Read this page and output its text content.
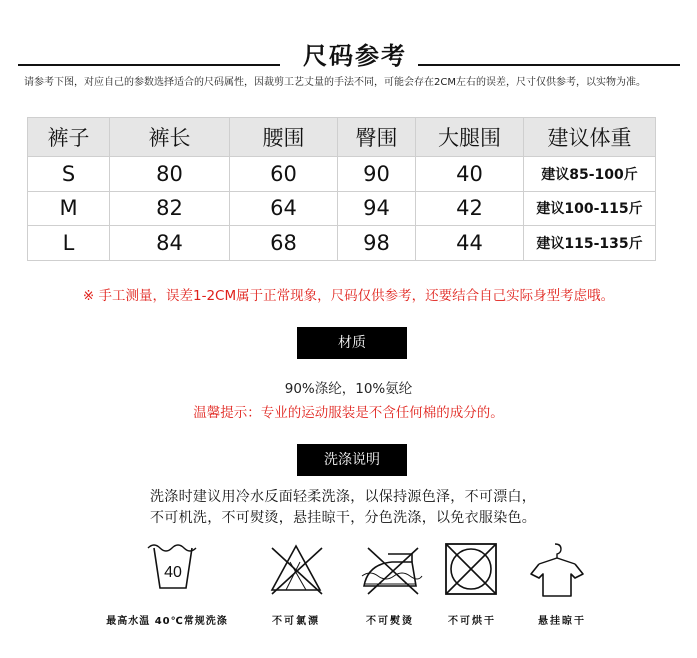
尺码参考
请参考下图，对应自己的参数选择适合的尺码属性，因裁剪工艺丈量的手法不同，可能会存在2CM左右的误差，尺寸仅供参考，以实物为准。
裤子	裤长	腰围	臀围	大腿围	建议体重
S	80	60	90	40	建议85-100斤
M	82	64	94	42	建议100-115斤
L	84	68	98	44	建议115-135斤
※ 手工测量，误差1-2CM属于正常现象，尺码仅供参考，还要结合自己实际身型考虑哦。
材质
90%涤纶，10%氨纶
温馨提示：专业的运动服装是不含任何棉的成分的。
洗涤说明
洗涤时建议用冷水反面轻柔洗涤，以保持源色泽，不可漂白，
不可机洗，不可熨烫，悬挂晾干，分色洗涤，以免衣服染色。
40
最高水温 40℃常规洗涤	不可氯漂	不可熨烫	不可烘干	悬挂晾干
